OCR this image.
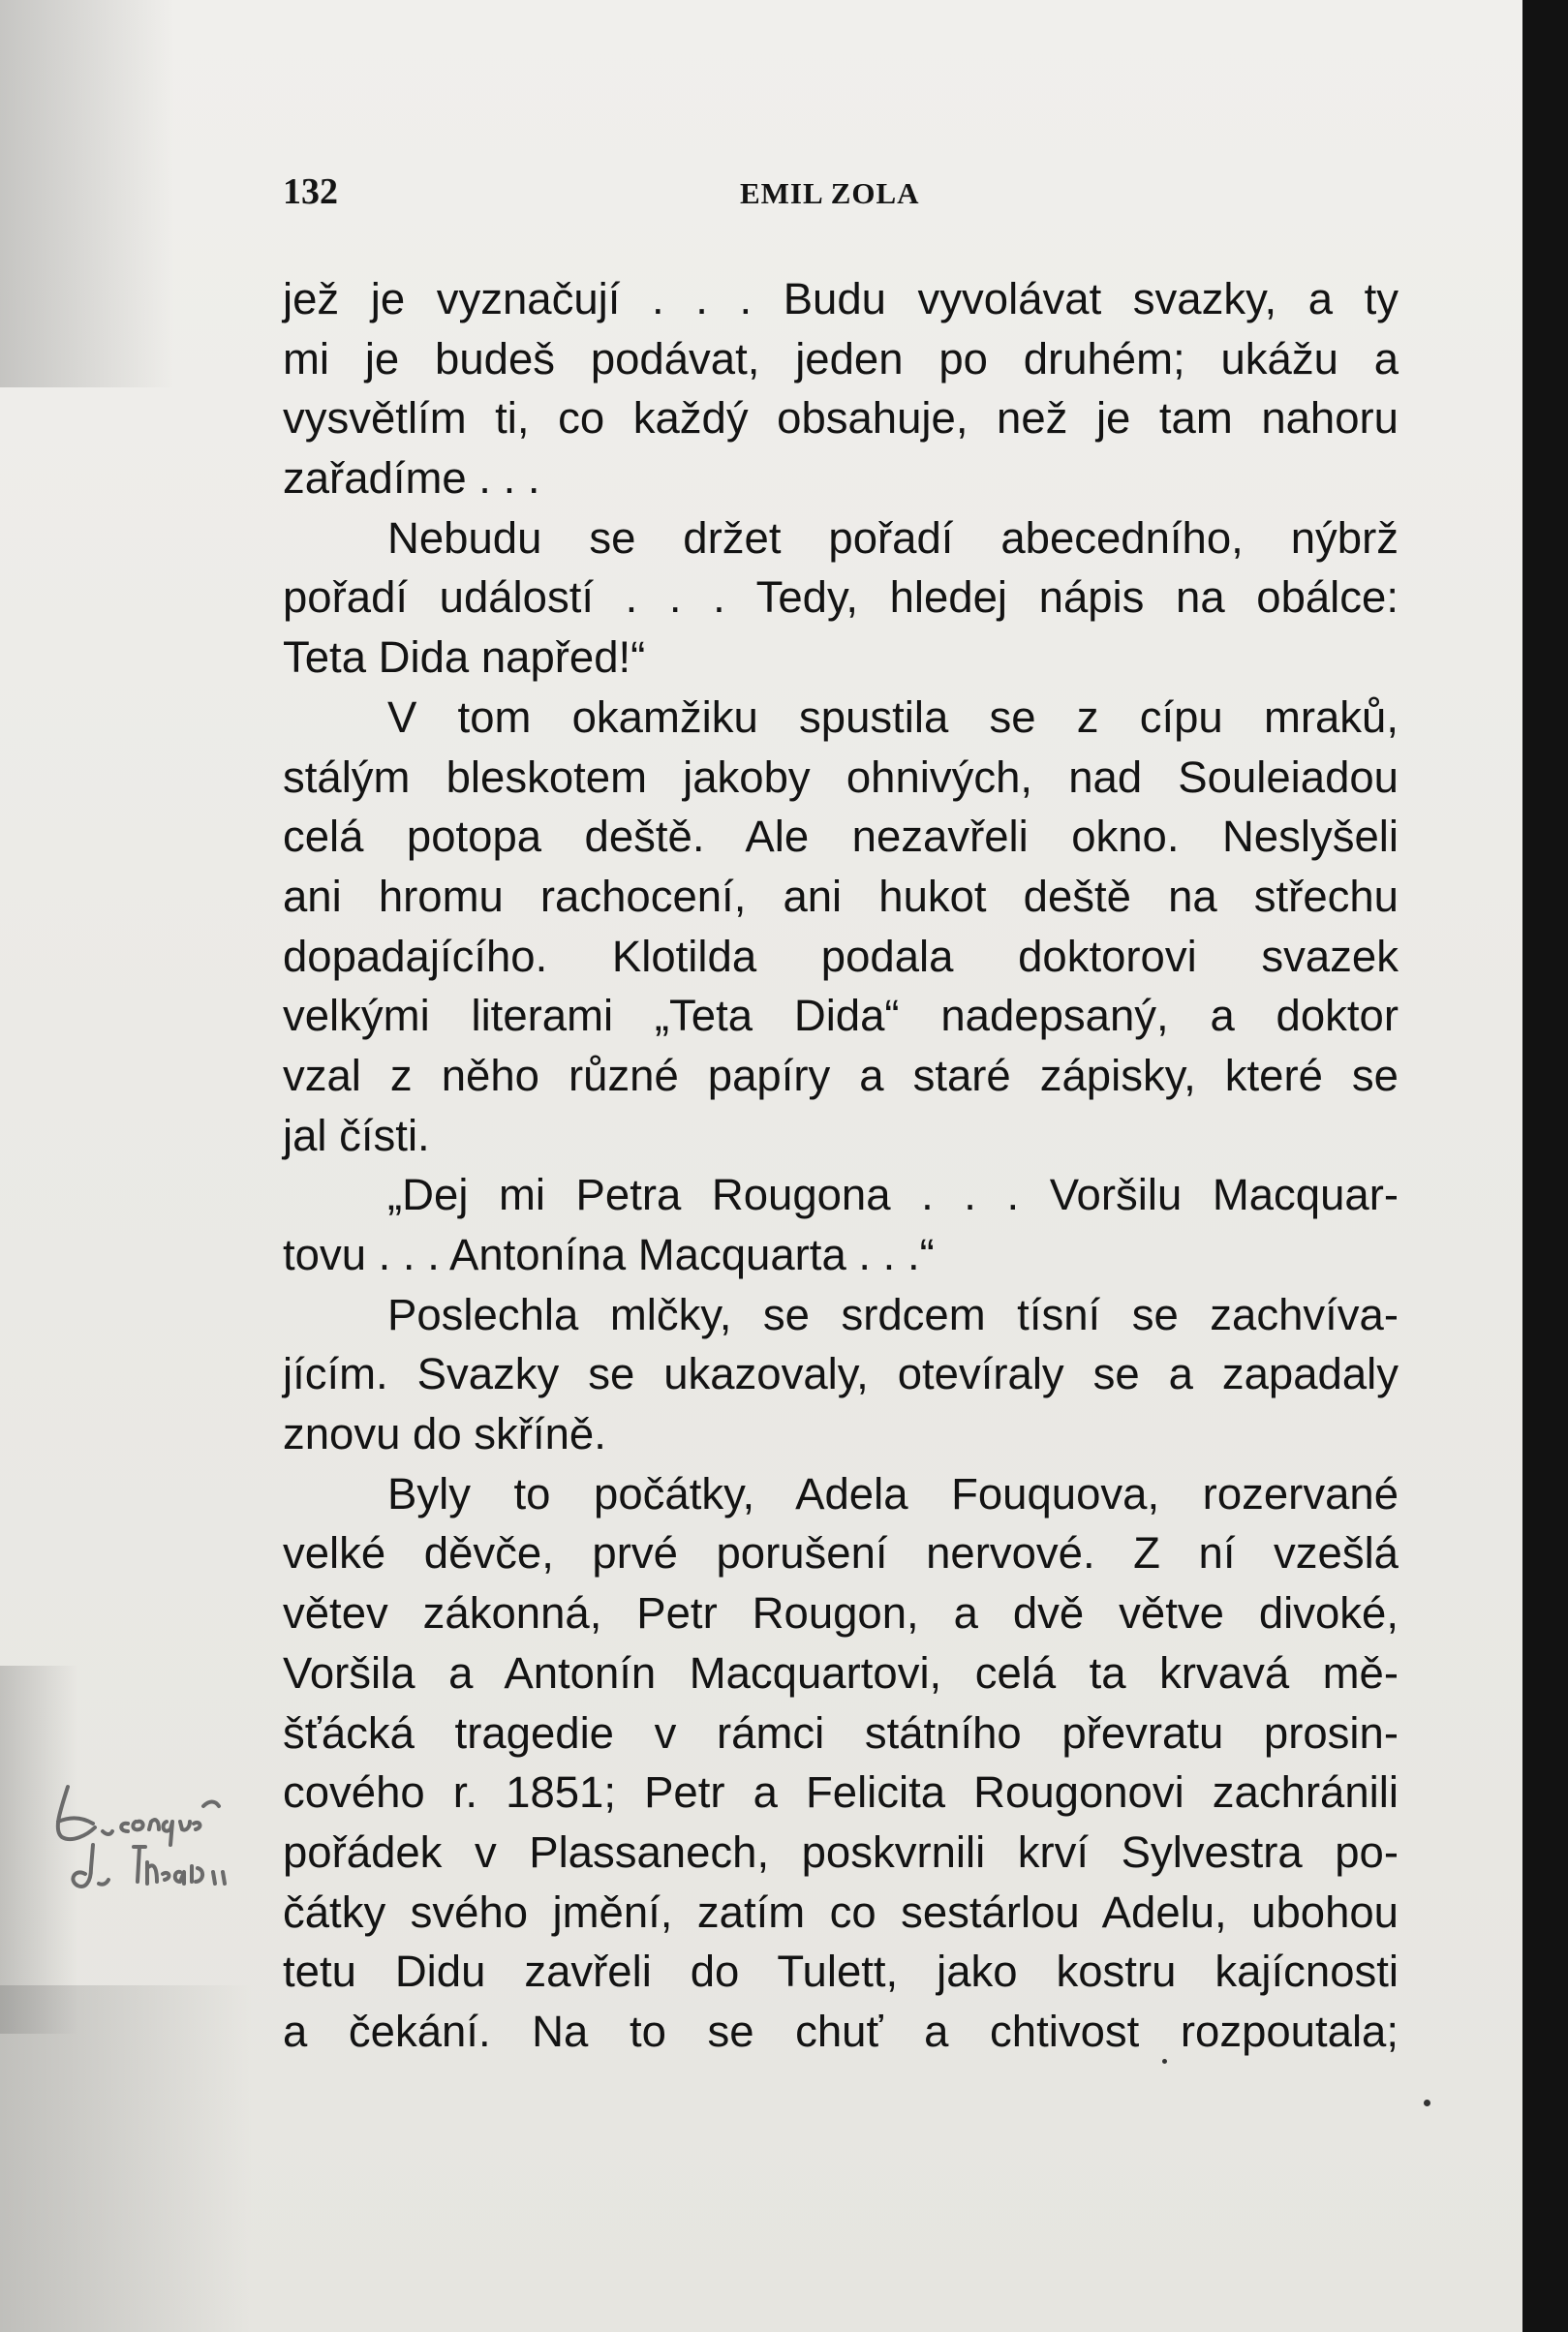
132	EMIL ZOLA
jež je vyznačují . . . Budu vyvolávat svazky, a ty
mi je budeš podávat, jeden po druhém; ukážu a
vysvětlím ti, co každý obsahuje, než je tam nahoru
zařadíme . . .
Nebudu se držet pořadí abecedního, nýbrž
pořadí událostí . . . Tedy, hledej nápis na obálce:
Teta Dida napřed!“
V tom okamžiku spustila se z cípu mraků,
stálým bleskotem jakoby ohnivých, nad Souleiadou
celá potopa deště. Ale nezavřeli okno. Neslyšeli
ani hromu rachocení, ani hukot deště na střechu
dopadajícího. Klotilda podala doktorovi svazek
velkými literami „Teta Dida“ nadepsaný, a doktor
vzal z něho různé papíry a staré zápisky, které se
jal čísti.
„Dej mi Petra Rougona . . . Voršilu Macquar-
tovu . . . Antonína Macquarta . . .“
Poslechla mlčky, se srdcem tísní se zachvíva-
jícím. Svazky se ukazovaly, otevíraly se a zapadaly
znovu do skříně.
Byly to počátky, Adela Fouquova, rozervané
velké děvče, prvé porušení nervové. Z ní vzešlá
větev zákonná, Petr Rougon, a dvě větve divoké,
Voršila a Antonín Macquartovi, celá ta krvavá mě-
šťácká tragedie v rámci státního převratu prosin-
cového r. 1851; Petr a Felicita Rougonovi zachránili
pořádek v Plassanech, poskvrnili krví Sylvestra po-
čátky svého jmění, zatím co sestárlou Adelu, ubohou
tetu Didu zavřeli do Tulett, jako kostru kajícnosti
a čekání. Na to se chuť a chtivost rozpoutala;
